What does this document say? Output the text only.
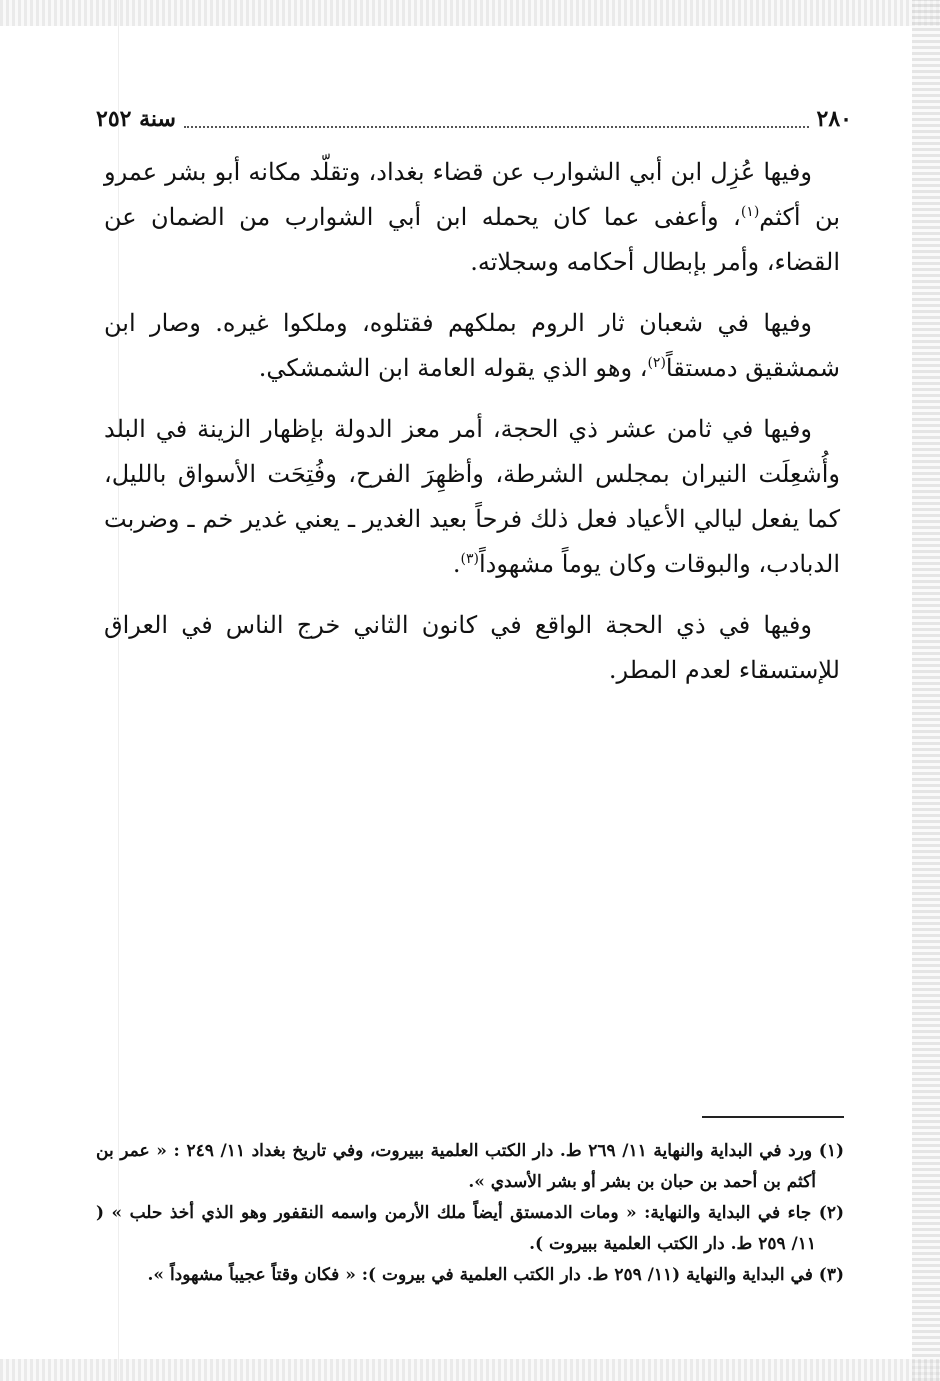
٢٨٠
سنة ٢٥٢

وفيها عُزِل ابن أبي الشوارب عن قضاء بغداد، وتقلّد مكانه أبو بشر عمرو بن أكثم$^{(١)}$، وأعفى عما كان يحمله ابن أبي الشوارب من الضمان عن القضاء، وأمر بإبطال أحكامه وسجلاته.

وفيها في شعبان ثار الروم بملكهم فقتلوه، وملكوا غيره. وصار ابن شمشقيق دمستقاً$^{(٢)}$، وهو الذي يقوله العامة ابن الشمشكي.

وفيها في ثامن عشر ذي الحجة، أمر معز الدولة بإظهار الزينة في البلد وأُشعِلَت النيران بمجلس الشرطة، وأظهِرَ الفرح، وفُتِحَت الأسواق بالليل، كما يفعل ليالي الأعياد فعل ذلك فرحاً بعيد الغدير ـ يعني غدير خم ـ وضربت الدبادب، والبوقات وكان يوماً مشهوداً$^{(٣)}$.

وفيها في ذي الحجة الواقع في كانون الثاني خرج الناس في العراق للإستسقاء لعدم المطر.

(١) ورد في البداية والنهاية ١١/ ٢٦٩ ط. دار الكتب العلمية ببيروت، وفي تاريخ بغداد ١١/ ٢٤٩ : « عمر بن أكثم بن أحمد بن حبان بن بشر أو بشر الأسدي ».

(٢) جاء في البداية والنهاية: « ومات الدمستق أيضاً ملك الأرمن واسمه النقفور وهو الذي أخذ حلب » ( ١١/ ٢٥٩ ط. دار الكتب العلمية ببيروت ).

(٣) في البداية والنهاية (١١/ ٢٥٩ ط. دار الكتب العلمية في بيروت ): « فكان وقتاً عجيباً مشهوداً ».
